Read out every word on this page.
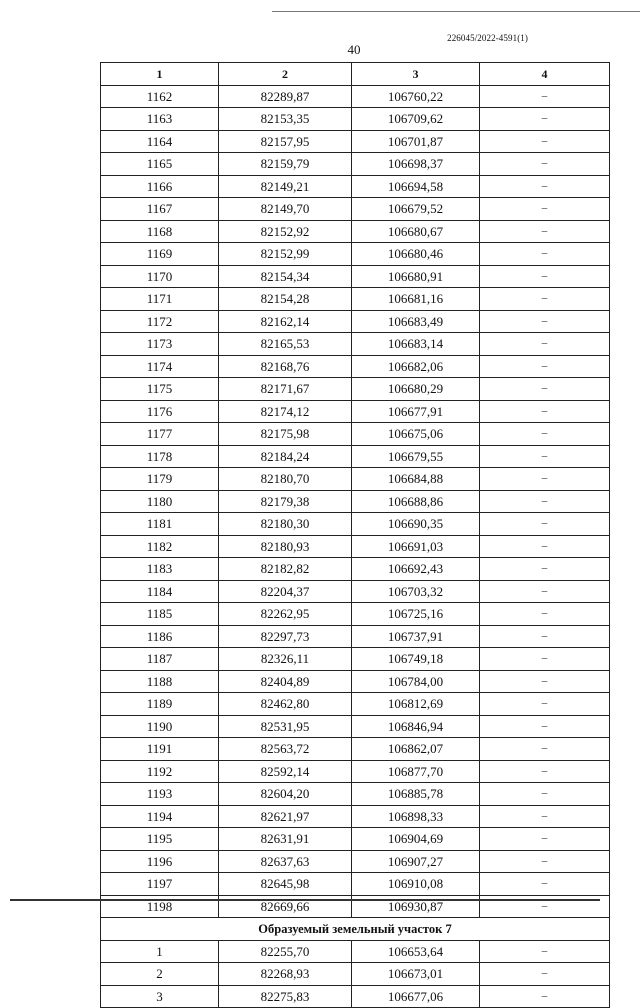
226045/2022-4591(1)
40
1	2	3	4
1162	82289,87	106760,22	–
1163	82153,35	106709,62	–
1164	82157,95	106701,87	–
1165	82159,79	106698,37	–
1166	82149,21	106694,58	–
1167	82149,70	106679,52	–
1168	82152,92	106680,67	–
1169	82152,99	106680,46	–
1170	82154,34	106680,91	–
1171	82154,28	106681,16	–
1172	82162,14	106683,49	–
1173	82165,53	106683,14	–
1174	82168,76	106682,06	–
1175	82171,67	106680,29	–
1176	82174,12	106677,91	–
1177	82175,98	106675,06	–
1178	82184,24	106679,55	–
1179	82180,70	106684,88	–
1180	82179,38	106688,86	–
1181	82180,30	106690,35	–
1182	82180,93	106691,03	–
1183	82182,82	106692,43	–
1184	82204,37	106703,32	–
1185	82262,95	106725,16	–
1186	82297,73	106737,91	–
1187	82326,11	106749,18	–
1188	82404,89	106784,00	–
1189	82462,80	106812,69	–
1190	82531,95	106846,94	–
1191	82563,72	106862,07	–
1192	82592,14	106877,70	–
1193	82604,20	106885,78	–
1194	82621,97	106898,33	–
1195	82631,91	106904,69	–
1196	82637,63	106907,27	–
1197	82645,98	106910,08	–
1198	82669,66	106930,87	–
Образуемый земельный участок 7			
1	82255,70	106653,64	–
2	82268,93	106673,01	–
3	82275,83	106677,06	–
